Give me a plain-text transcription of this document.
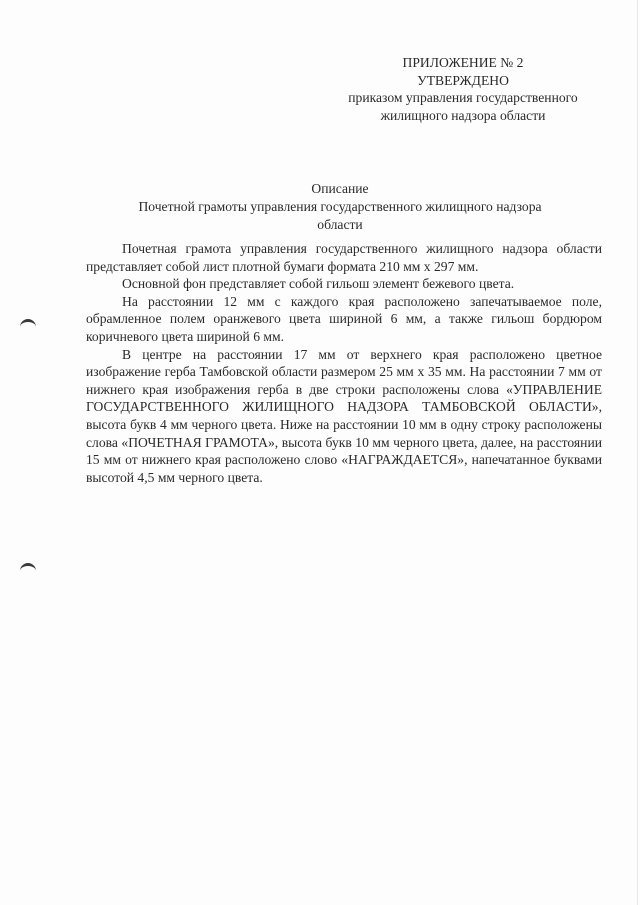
ПРИЛОЖЕНИЕ № 2
УТВЕРЖДЕНО
приказом управления государственного
жилищного надзора области
Описание
Почетной грамоты управления государственного жилищного надзора
области

Почетная грамота управления государственного жилищного надзора области представляет собой лист плотной бумаги формата 210 мм х 297 мм.

Основной фон представляет собой гильош элемент бежевого цвета.

На расстоянии 12 мм с каждого края расположено запечатываемое поле, обрамленное полем оранжевого цвета шириной 6 мм, а также гильош бордюром коричневого цвета шириной 6 мм.

В центре на расстоянии 17 мм от верхнего края расположено цветное изображение герба Тамбовской области размером 25 мм х 35 мм. На расстоянии 7 мм от нижнего края изображения герба в две строки расположены слова «УПРАВЛЕНИЕ ГОСУДАРСТВЕННОГО ЖИЛИЩНОГО НАДЗОРА ТАМБОВСКОЙ ОБЛАСТИ», высота букв 4 мм черного цвета. Ниже на расстоянии 10 мм в одну строку расположены слова «ПОЧЕТНАЯ ГРАМОТА», высота букв 10 мм черного цвета, далее, на расстоянии 15 мм от нижнего края расположено слово «НАГРАЖДАЕТСЯ», напечатанное буквами высотой 4,5 мм черного цвета.
